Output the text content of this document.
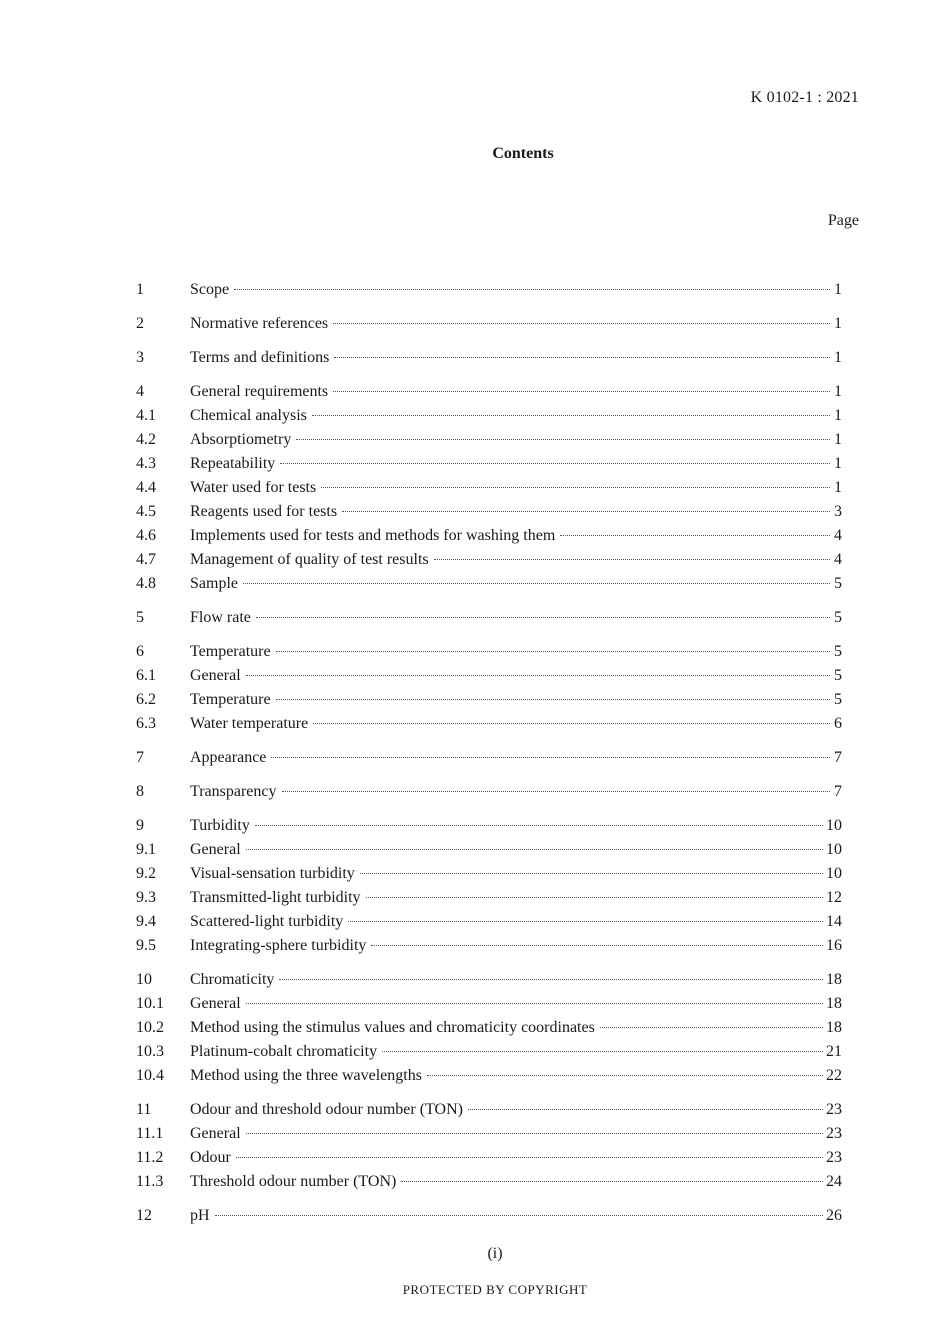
K 0102-1 : 2021
Contents
Page
1	Scope	1
2	Normative references	1
3	Terms and definitions	1
4	General requirements	1
4.1	Chemical analysis	1
4.2	Absorptiometry	1
4.3	Repeatability	1
4.4	Water used for tests	1
4.5	Reagents used for tests	3
4.6	Implements used for tests and methods for washing them	4
4.7	Management of quality of test results	4
4.8	Sample	5
5	Flow rate	5
6	Temperature	5
6.1	General	5
6.2	Temperature	5
6.3	Water temperature	6
7	Appearance	7
8	Transparency	7
9	Turbidity	10
9.1	General	10
9.2	Visual-sensation turbidity	10
9.3	Transmitted-light turbidity	12
9.4	Scattered-light turbidity	14
9.5	Integrating-sphere turbidity	16
10	Chromaticity	18
10.1	General	18
10.2	Method using the stimulus values and chromaticity coordinates	18
10.3	Platinum-cobalt chromaticity	21
10.4	Method using the three wavelengths	22
11	Odour and threshold odour number (TON)	23
11.1	General	23
11.2	Odour	23
11.3	Threshold odour number (TON)	24
12	pH	26
(i)
PROTECTED BY COPYRIGHT
